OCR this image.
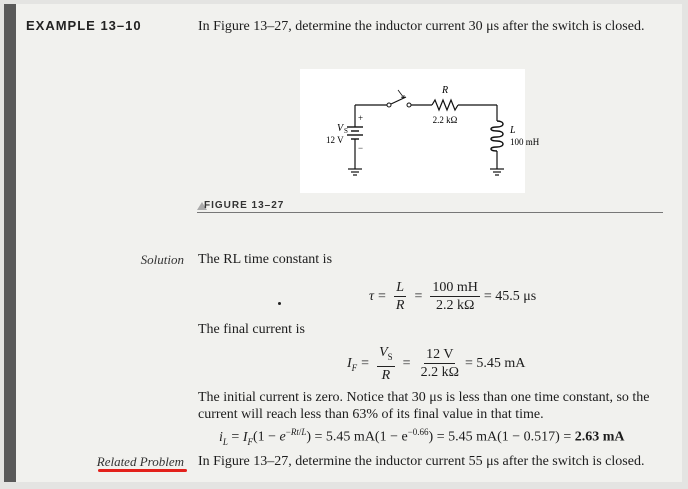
EXAMPLE 13–10	In Figure 13–27, determine the inductor current 30 μs after the switch is closed.
R
2.2 kΩ
L
100 mH
V S
12 V
+
−
FIGURE 13–27
Solution The RL time constant is
$\tau = \frac{L}{R} = \frac{100 mH}{2.2 k\Omega} = 45.5$ μs
The final current is
$I_F = \frac{V_S}{R} = \frac{12 V}{2.2 k\Omega} = 5.45$ mA
The initial current is zero. Notice that 30 μs is less than one time constant, so the current will reach less than 63% of its final value in that time.
$i_L = I_F(1 - e^{-Rt/L}) = 5.45$ $mA(1 - e^{-0.66}) = 5.45$ mA(1 − 0.517) = 2.63 mA
Related Problem In Figure 13–27, determine the inductor current 55 μs after the switch is closed.
